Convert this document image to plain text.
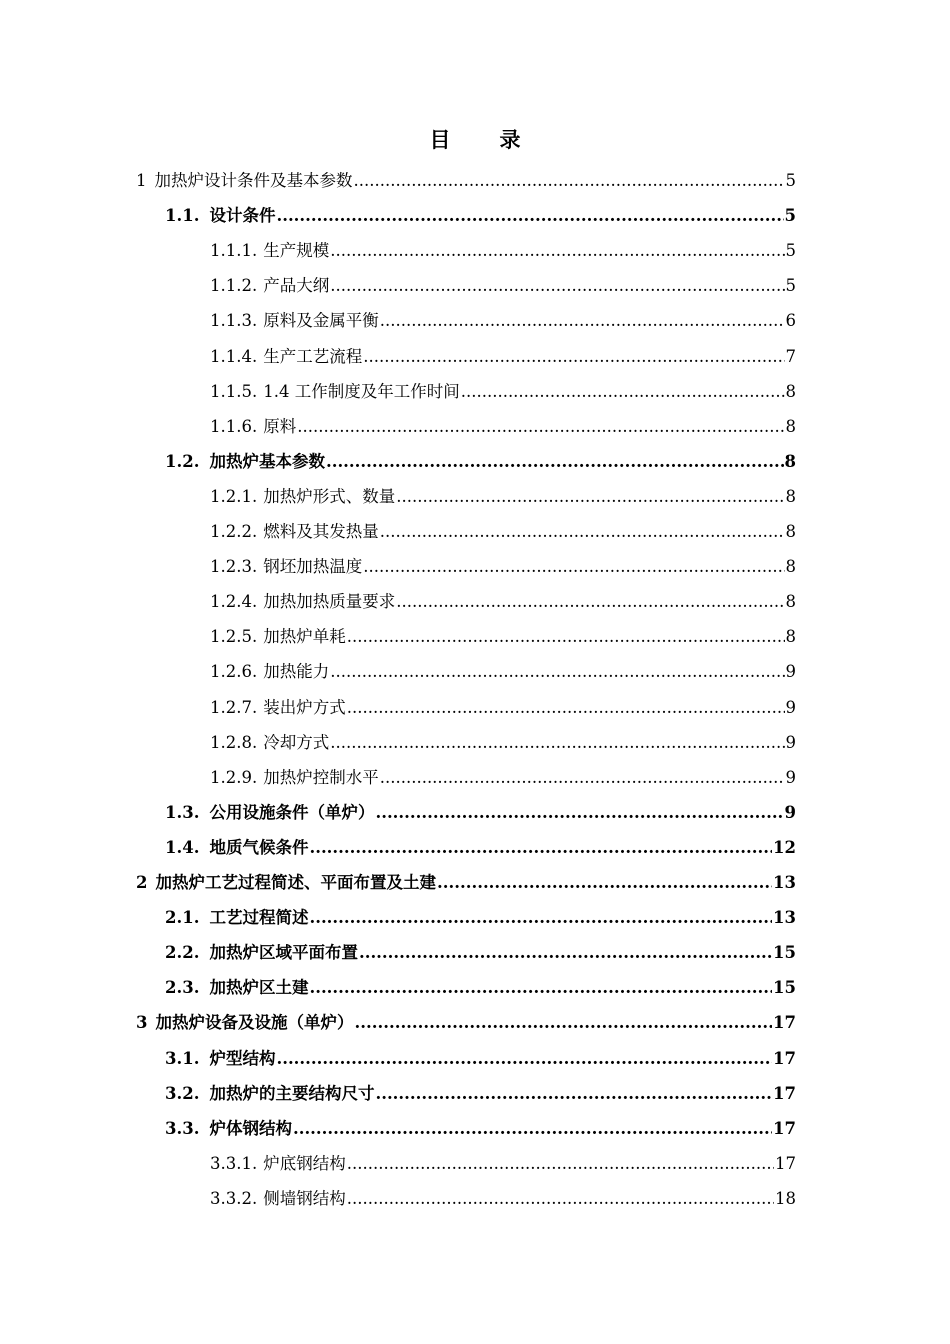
目　录
1 加热炉设计条件及基本参数 .....	5
1.1. 设计条件 .....	5
1.1.1. 生产规模 .....	5
1.1.2. 产品大纲 .....	5
1.1.3. 原料及金属平衡 .....	6
1.1.4. 生产工艺流程 .....	7
1.1.5. 1.4 工作制度及年工作时间 .....	8
1.1.6. 原料 .....	8
1.2. 加热炉基本参数 .....	8
1.2.1. 加热炉形式、数量 .....	8
1.2.2. 燃料及其发热量 .....	8
1.2.3. 钢坯加热温度 .....	8
1.2.4. 加热加热质量要求 .....	8
1.2.5. 加热炉单耗 .....	8
1.2.6. 加热能力 .....	9
1.2.7. 装出炉方式 .....	9
1.2.8. 冷却方式 .....	9
1.2.9. 加热炉控制水平 .....	9
1.3. 公用设施条件（单炉） .....	9
1.4. 地质气候条件 .....	12
2 加热炉工艺过程简述、平面布置及土建 .....	13
2.1. 工艺过程简述 .....	13
2.2. 加热炉区域平面布置 .....	15
2.3. 加热炉区土建 .....	15
3 加热炉设备及设施（单炉） .....	17
3.1. 炉型结构 .....	17
3.2. 加热炉的主要结构尺寸 .....	17
3.3. 炉体钢结构 .....	17
3.3.1. 炉底钢结构 .....	17
3.3.2. 侧墙钢结构 .....	18
